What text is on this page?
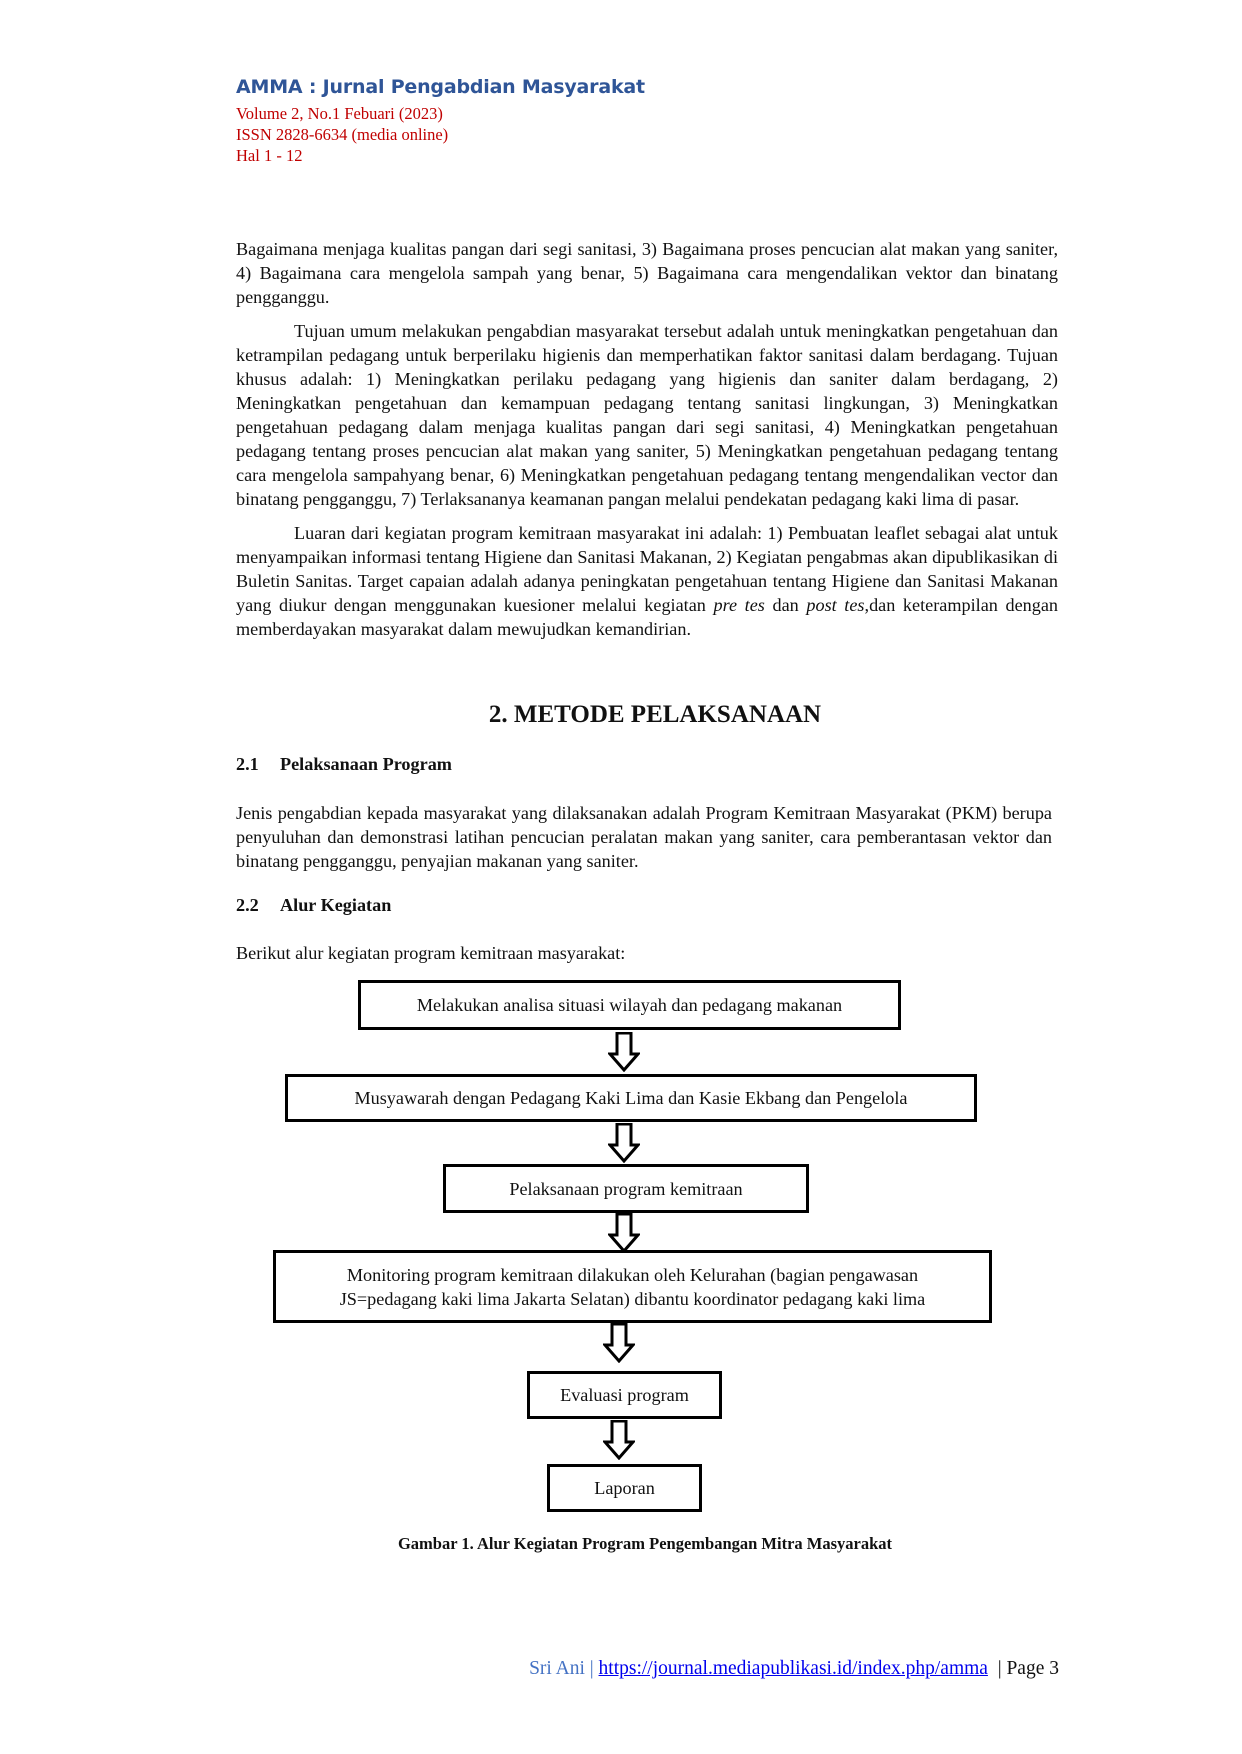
AMMA : Jurnal Pengabdian Masyarakat
Volume 2, No.1 Febuari (2023)
ISSN 2828-6634 (media online)
Hal 1 - 12

Bagaimana menjaga kualitas pangan dari segi sanitasi, 3) Bagaimana proses pencucian alat makan yang saniter, 4) Bagaimana cara mengelola sampah yang benar, 5) Bagaimana cara mengendalikan vektor dan binatang pengganggu.

Tujuan umum melakukan pengabdian masyarakat tersebut adalah untuk meningkatkan pengetahuan dan ketrampilan pedagang untuk berperilaku higienis dan memperhatikan faktor sanitasi dalam berdagang. Tujuan khusus adalah: 1) Meningkatkan perilaku pedagang yang higienis dan saniter dalam berdagang, 2) Meningkatkan pengetahuan dan kemampuan pedagang tentang sanitasi lingkungan, 3) Meningkatkan pengetahuan pedagang dalam menjaga kualitas pangan dari segi sanitasi, 4) Meningkatkan pengetahuan pedagang tentang proses pencucian alat makan yang saniter, 5) Meningkatkan pengetahuan pedagang tentang cara mengelola sampahyang benar, 6) Meningkatkan pengetahuan pedagang tentang mengendalikan vector dan binatang pengganggu, 7) Terlaksananya keamanan pangan melalui pendekatan pedagang kaki lima di pasar.

Luaran dari kegiatan program kemitraan masyarakat ini adalah: 1) Pembuatan leaflet sebagai alat untuk menyampaikan informasi tentang Higiene dan Sanitasi Makanan, 2) Kegiatan pengabmas akan dipublikasikan di Buletin Sanitas. Target capaian adalah adanya peningkatan pengetahuan tentang Higiene dan Sanitasi Makanan yang diukur dengan menggunakan kuesioner melalui kegiatan pre tes dan post tes,dan keterampilan dengan memberdayakan masyarakat dalam mewujudkan kemandirian.

2. METODE PELAKSANAAN
2.1 Pelaksanaan Program

Jenis pengabdian kepada masyarakat yang dilaksanakan adalah Program Kemitraan Masyarakat (PKM) berupa penyuluhan dan demonstrasi latihan pencucian peralatan makan yang saniter, cara pemberantasan vektor dan binatang pengganggu, penyajian makanan yang saniter.

2.2 Alur Kegiatan

Berikut alur kegiatan program kemitraan masyarakat:

Melakukan analisa situasi wilayah dan pedagang makanan
Musyawarah dengan Pedagang Kaki Lima dan Kasie Ekbang dan Pengelola
Pelaksanaan program kemitraan
Monitoring program kemitraan dilakukan oleh Kelurahan (bagian pengawasan JS=pedagang kaki lima Jakarta Selatan) dibantu koordinator pedagang kaki lima
Evaluasi program
Laporan
Gambar 1. Alur Kegiatan Program Pengembangan Mitra Masyarakat
Sri Ani | https://journal.mediapublikasi.id/index.php/amma | Page 3
